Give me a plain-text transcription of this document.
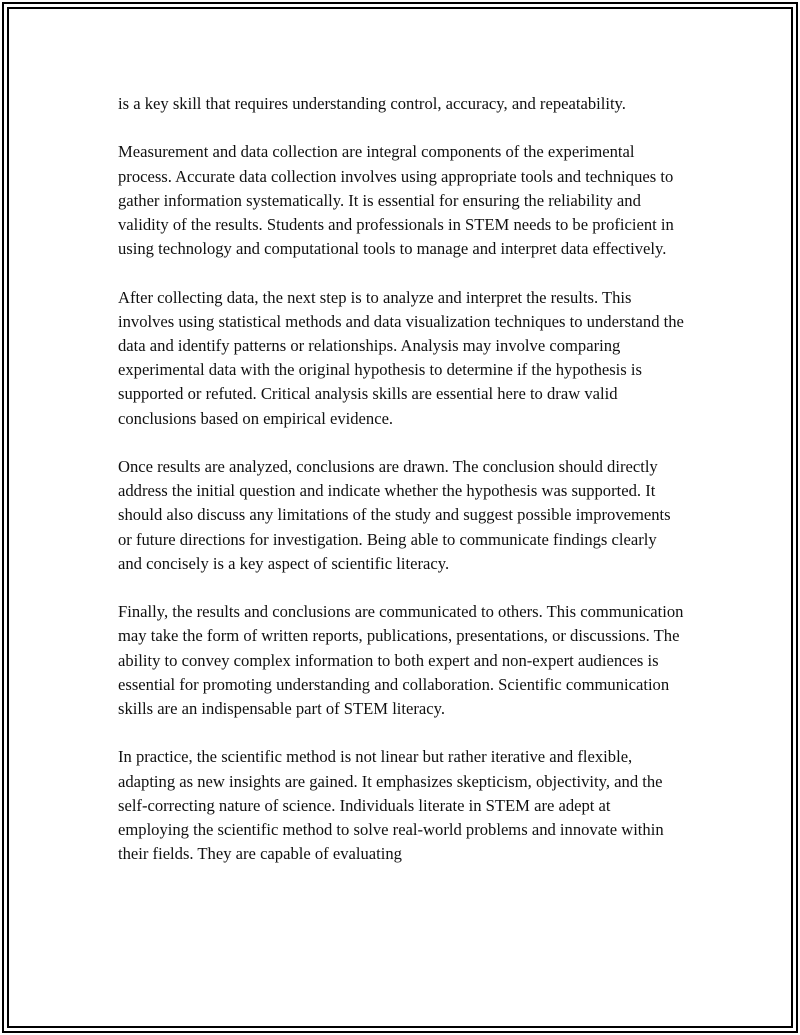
is a key skill that requires understanding control, accuracy, and repeatability.

Measurement and data collection are integral components of the experimental process. Accurate data collection involves using appropriate tools and techniques to gather information systematically. It is essential for ensuring the reliability and validity of the results. Students and professionals in STEM needs to be proficient in using technology and computational tools to manage and interpret data effectively.

After collecting data, the next step is to analyze and interpret the results. This involves using statistical methods and data visualization techniques to understand the data and identify patterns or relationships. Analysis may involve comparing experimental data with the original hypothesis to determine if the hypothesis is supported or refuted. Critical analysis skills are essential here to draw valid conclusions based on empirical evidence.

Once results are analyzed, conclusions are drawn. The conclusion should directly address the initial question and indicate whether the hypothesis was supported. It should also discuss any limitations of the study and suggest possible improvements or future directions for investigation. Being able to communicate findings clearly and concisely is a key aspect of scientific literacy.

Finally, the results and conclusions are communicated to others. This communication may take the form of written reports, publications, presentations, or discussions. The ability to convey complex information to both expert and non-expert audiences is essential for promoting understanding and collaboration. Scientific communication skills are an indispensable part of STEM literacy.

In practice, the scientific method is not linear but rather iterative and flexible, adapting as new insights are gained. It emphasizes skepticism, objectivity, and the self-correcting nature of science. Individuals literate in STEM are adept at employing the scientific method to solve real-world problems and innovate within their fields. They are capable of evaluating
